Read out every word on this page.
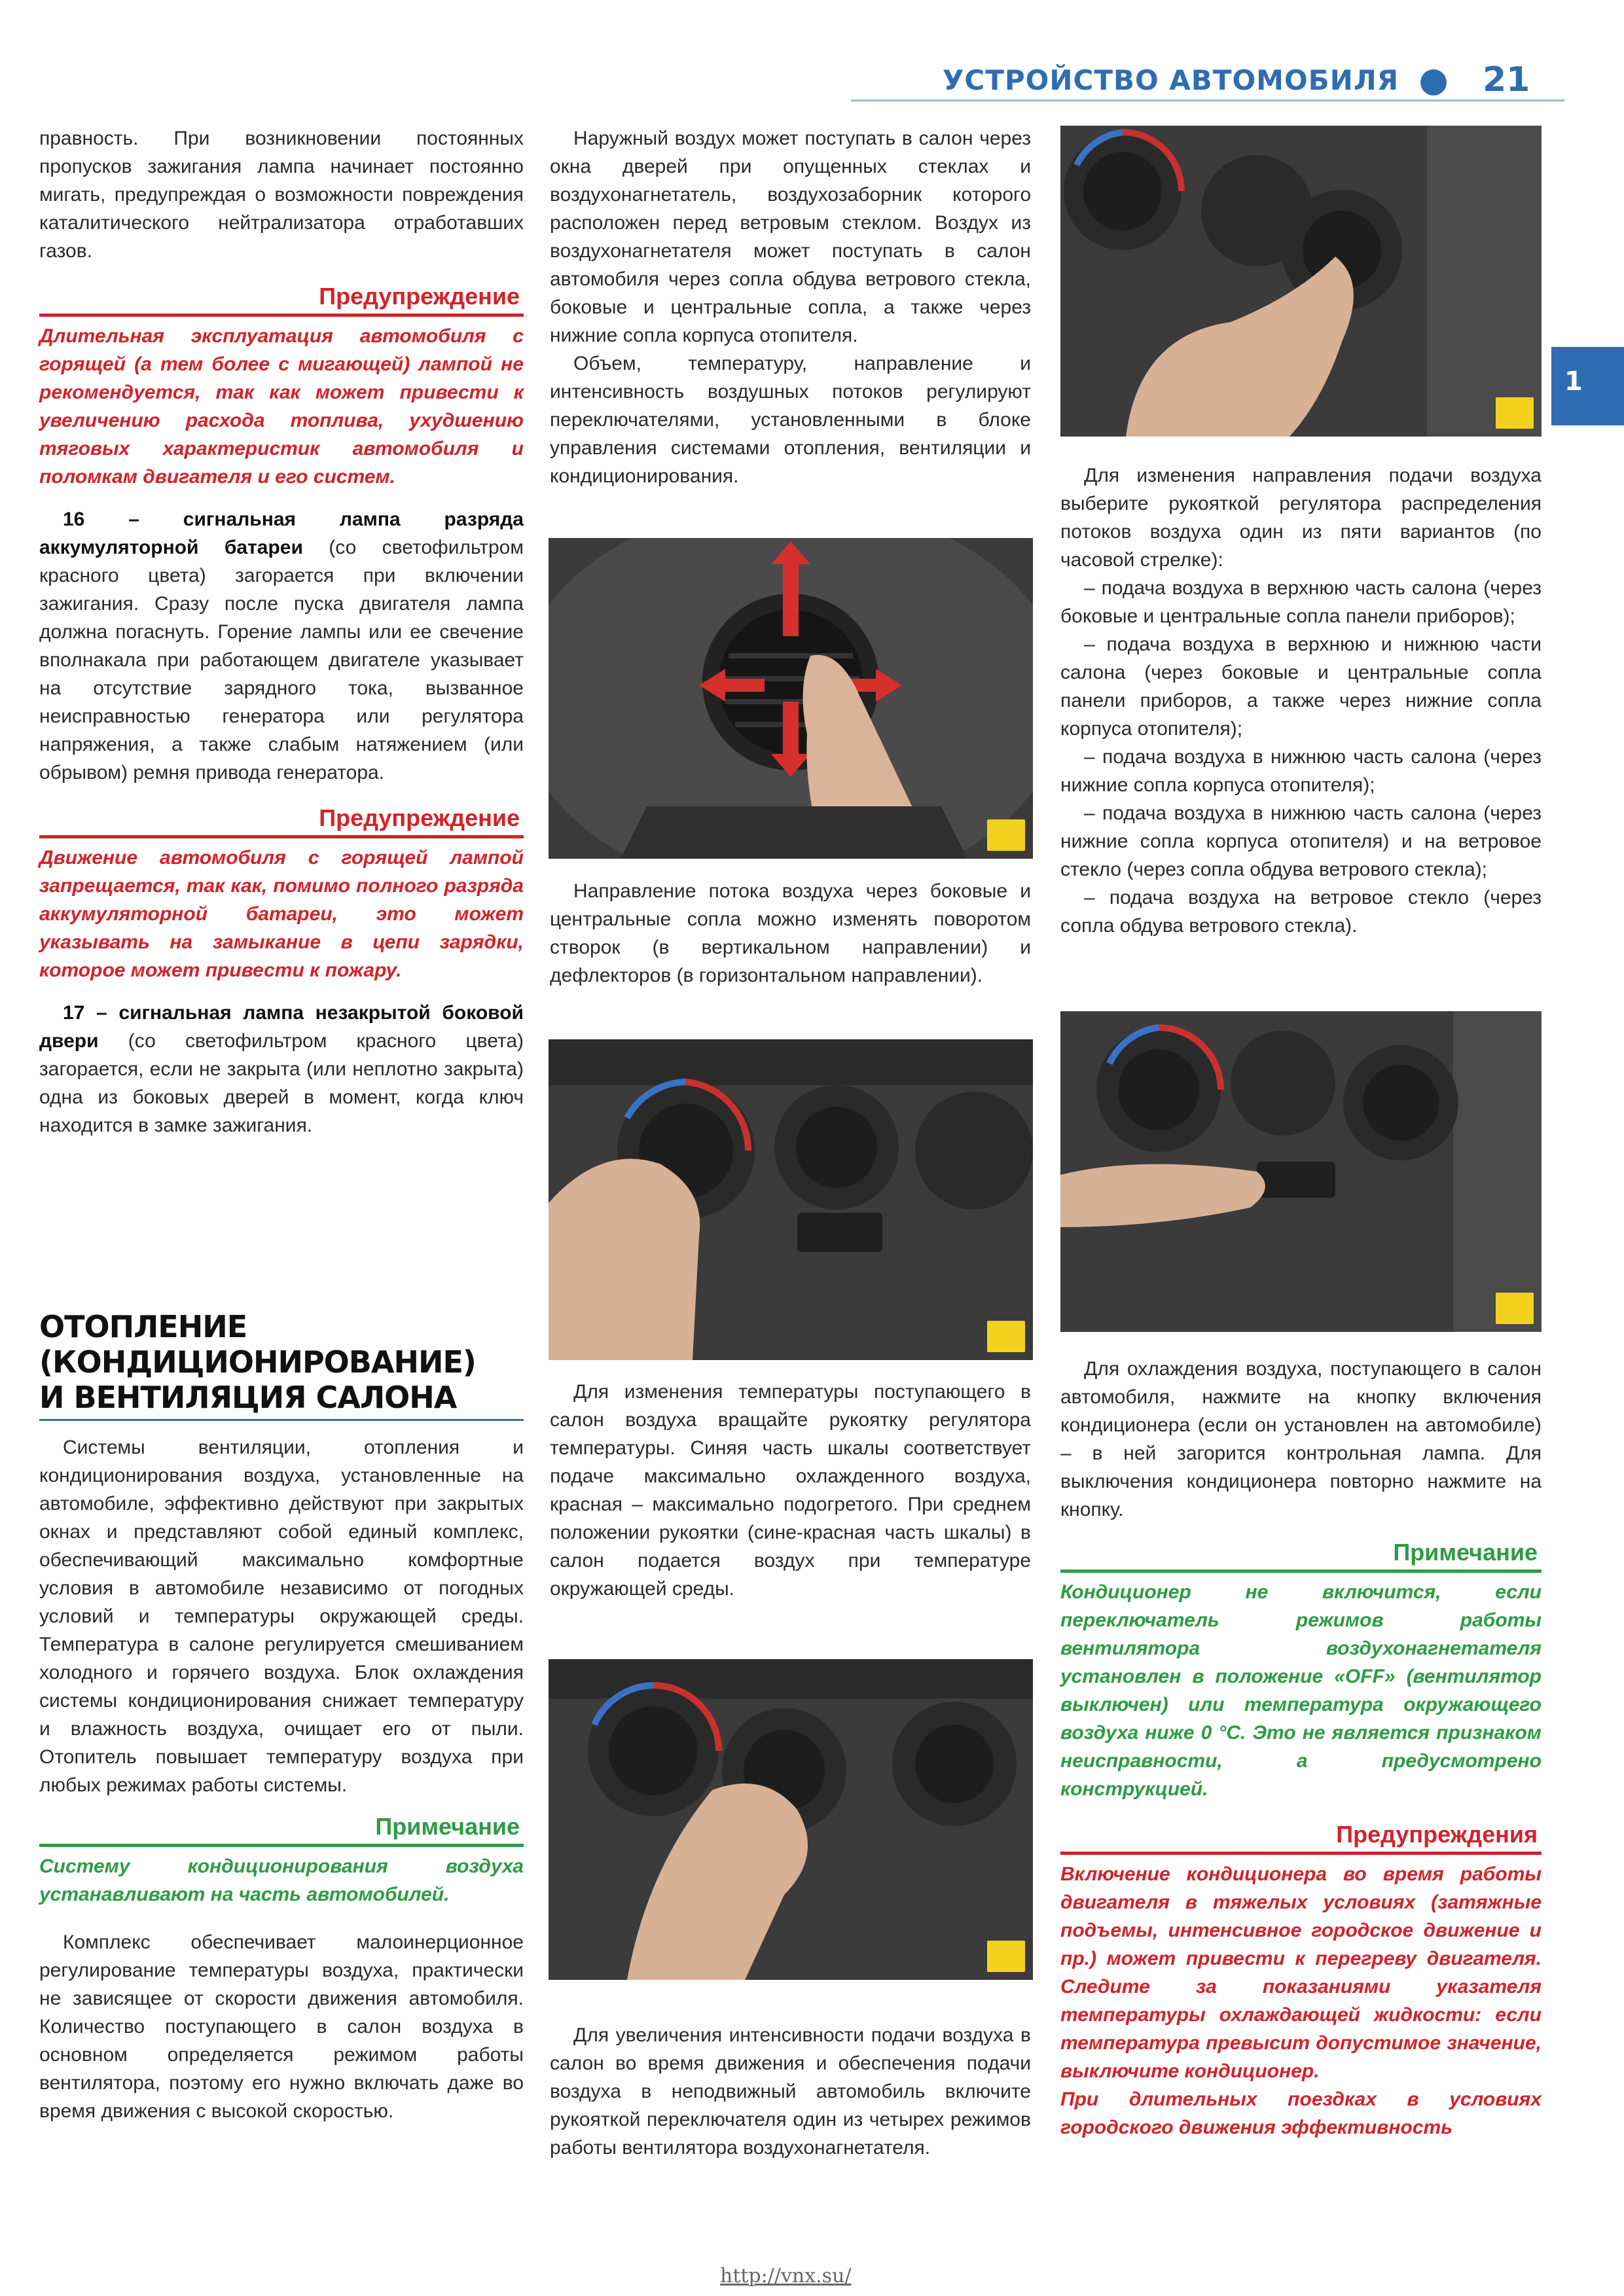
УСТРОЙСТВО АВТОМОБИЛЯ 21
1

правность. При возникновении постоянных пропусков зажигания лампа начинает постоянно мигать, предупреждая о возможности повреждения каталитического нейтрализатора отработавших газов.

Предупреждение

Длительная эксплуатация автомобиля с горящей (а тем более с мигающей) лампой не рекомендуется, так как может привести к увеличению расхода топлива, ухудшению тяговых характеристик автомобиля и поломкам двигателя и его систем.

16 – сигнальная лампа разряда аккумуляторной батареи (со светофильтром красного цвета) загорается при включении зажигания. Сразу после пуска двигателя лампа должна погаснуть. Горение лампы или ее свечение вполнакала при работающем двигателе указывает на отсутствие зарядного тока, вызванное неисправностью генератора или регулятора напряжения, а также слабым натяжением (или обрывом) ремня привода генератора.

Предупреждение

Движение автомобиля с горящей лампой запрещается, так как, помимо полного разряда аккумуляторной батареи, это может указывать на замыкание в цепи зарядки, которое может привести к пожару.

17 – сигнальная лампа незакрытой боковой двери (со светофильтром красного цвета) загорается, если не закрыта (или неплотно закрыта) одна из боковых дверей в момент, когда ключ находится в замке зажигания.

ОТОПЛЕНИЕ
(КОНДИЦИОНИРОВАНИЕ)
И ВЕНТИЛЯЦИЯ САЛОНА

Системы вентиляции, отопления и кондиционирования воздуха, установленные на автомобиле, эффективно действуют при закрытых окнах и представляют собой единый комплекс, обеспечивающий максимально комфортные условия в автомобиле независимо от погодных условий и температуры окружающей среды. Температура в салоне регулируется смешиванием холодного и горячего воздуха. Блок охлаждения системы кондиционирования снижает температуру и влажность воздуха, очищает его от пыли. Отопитель повышает температуру воздуха при любых режимах работы системы.

Примечание

Систему кондиционирования воздуха устанавливают на часть автомобилей.

Комплекс обеспечивает малоинерционное регулирование температуры воздуха, практически не зависящее от скорости движения автомобиля. Количество поступающего в салон воздуха в основном определяется режимом работы вентилятора, поэтому его нужно включать даже во время движения с высокой скоростью.

Наружный воздух может поступать в салон через окна дверей при опущенных стеклах и воздухонагнетатель, воздухозаборник которого расположен перед ветровым стеклом. Воздух из воздухонагнетателя может поступать в салон автомобиля через сопла обдува ветрового стекла, боковые и центральные сопла, а также через нижние сопла корпуса отопителя.

Объем, температуру, направление и интенсивность воздушных потоков регулируют переключателями, установленными в блоке управления системами отопления, вентиляции и кондиционирования.

Направление потока воздуха через боковые и центральные сопла можно изменять поворотом створок (в вертикальном направлении) и дефлекторов (в горизонтальном направлении).

Для изменения температуры поступающего в салон воздуха вращайте рукоятку регулятора температуры. Синяя часть шкалы соответствует подаче максимально охлажденного воздуха, красная – максимально подогретого. При среднем положении рукоятки (сине-красная часть шкалы) в салон подается воздух при температуре окружающей среды.

Для увеличения интенсивности подачи воздуха в салон во время движения и обеспечения подачи воздуха в неподвижный автомобиль включите рукояткой переключателя один из четырех режимов работы вентилятора воздухонагнетателя.

Для изменения направления подачи воздуха выберите рукояткой регулятора распределения потоков воздуха один из пяти вариантов (по часовой стрелке):

– подача воздуха в верхнюю часть салона (через боковые и центральные сопла панели приборов);

– подача воздуха в верхнюю и нижнюю части салона (через боковые и центральные сопла панели приборов, а также через нижние сопла корпуса отопителя);

– подача воздуха в нижнюю часть салона (через нижние сопла корпуса отопителя);

– подача воздуха в нижнюю часть салона (через нижние сопла корпуса отопителя) и на ветровое стекло (через сопла обдува ветрового стекла);

– подача воздуха на ветровое стекло (через сопла обдува ветрового стекла).

Для охлаждения воздуха, поступающего в салон автомобиля, нажмите на кнопку включения кондиционера (если он установлен на автомобиле) – в ней загорится контрольная лампа. Для выключения кондиционера повторно нажмите на кнопку.

Примечание

Кондиционер не включится, если переключатель режимов работы вентилятора воздухонагнетателя установлен в положение «OFF» (вентилятор выключен) или температура окружающего воздуха ниже 0 °С. Это не является признаком неисправности, а предусмотрено конструкцией.

Предупреждения

Включение кондиционера во время работы двигателя в тяжелых условиях (затяжные подъемы, интенсивное городское движение и пр.) может привести к перегреву двигателя. Следите за показаниями указателя температуры охлаждающей жидкости: если температура превысит допустимое значение, выключите кондиционер.

При длительных поездках в условиях городского движения эффективность

http://vnx.su/
